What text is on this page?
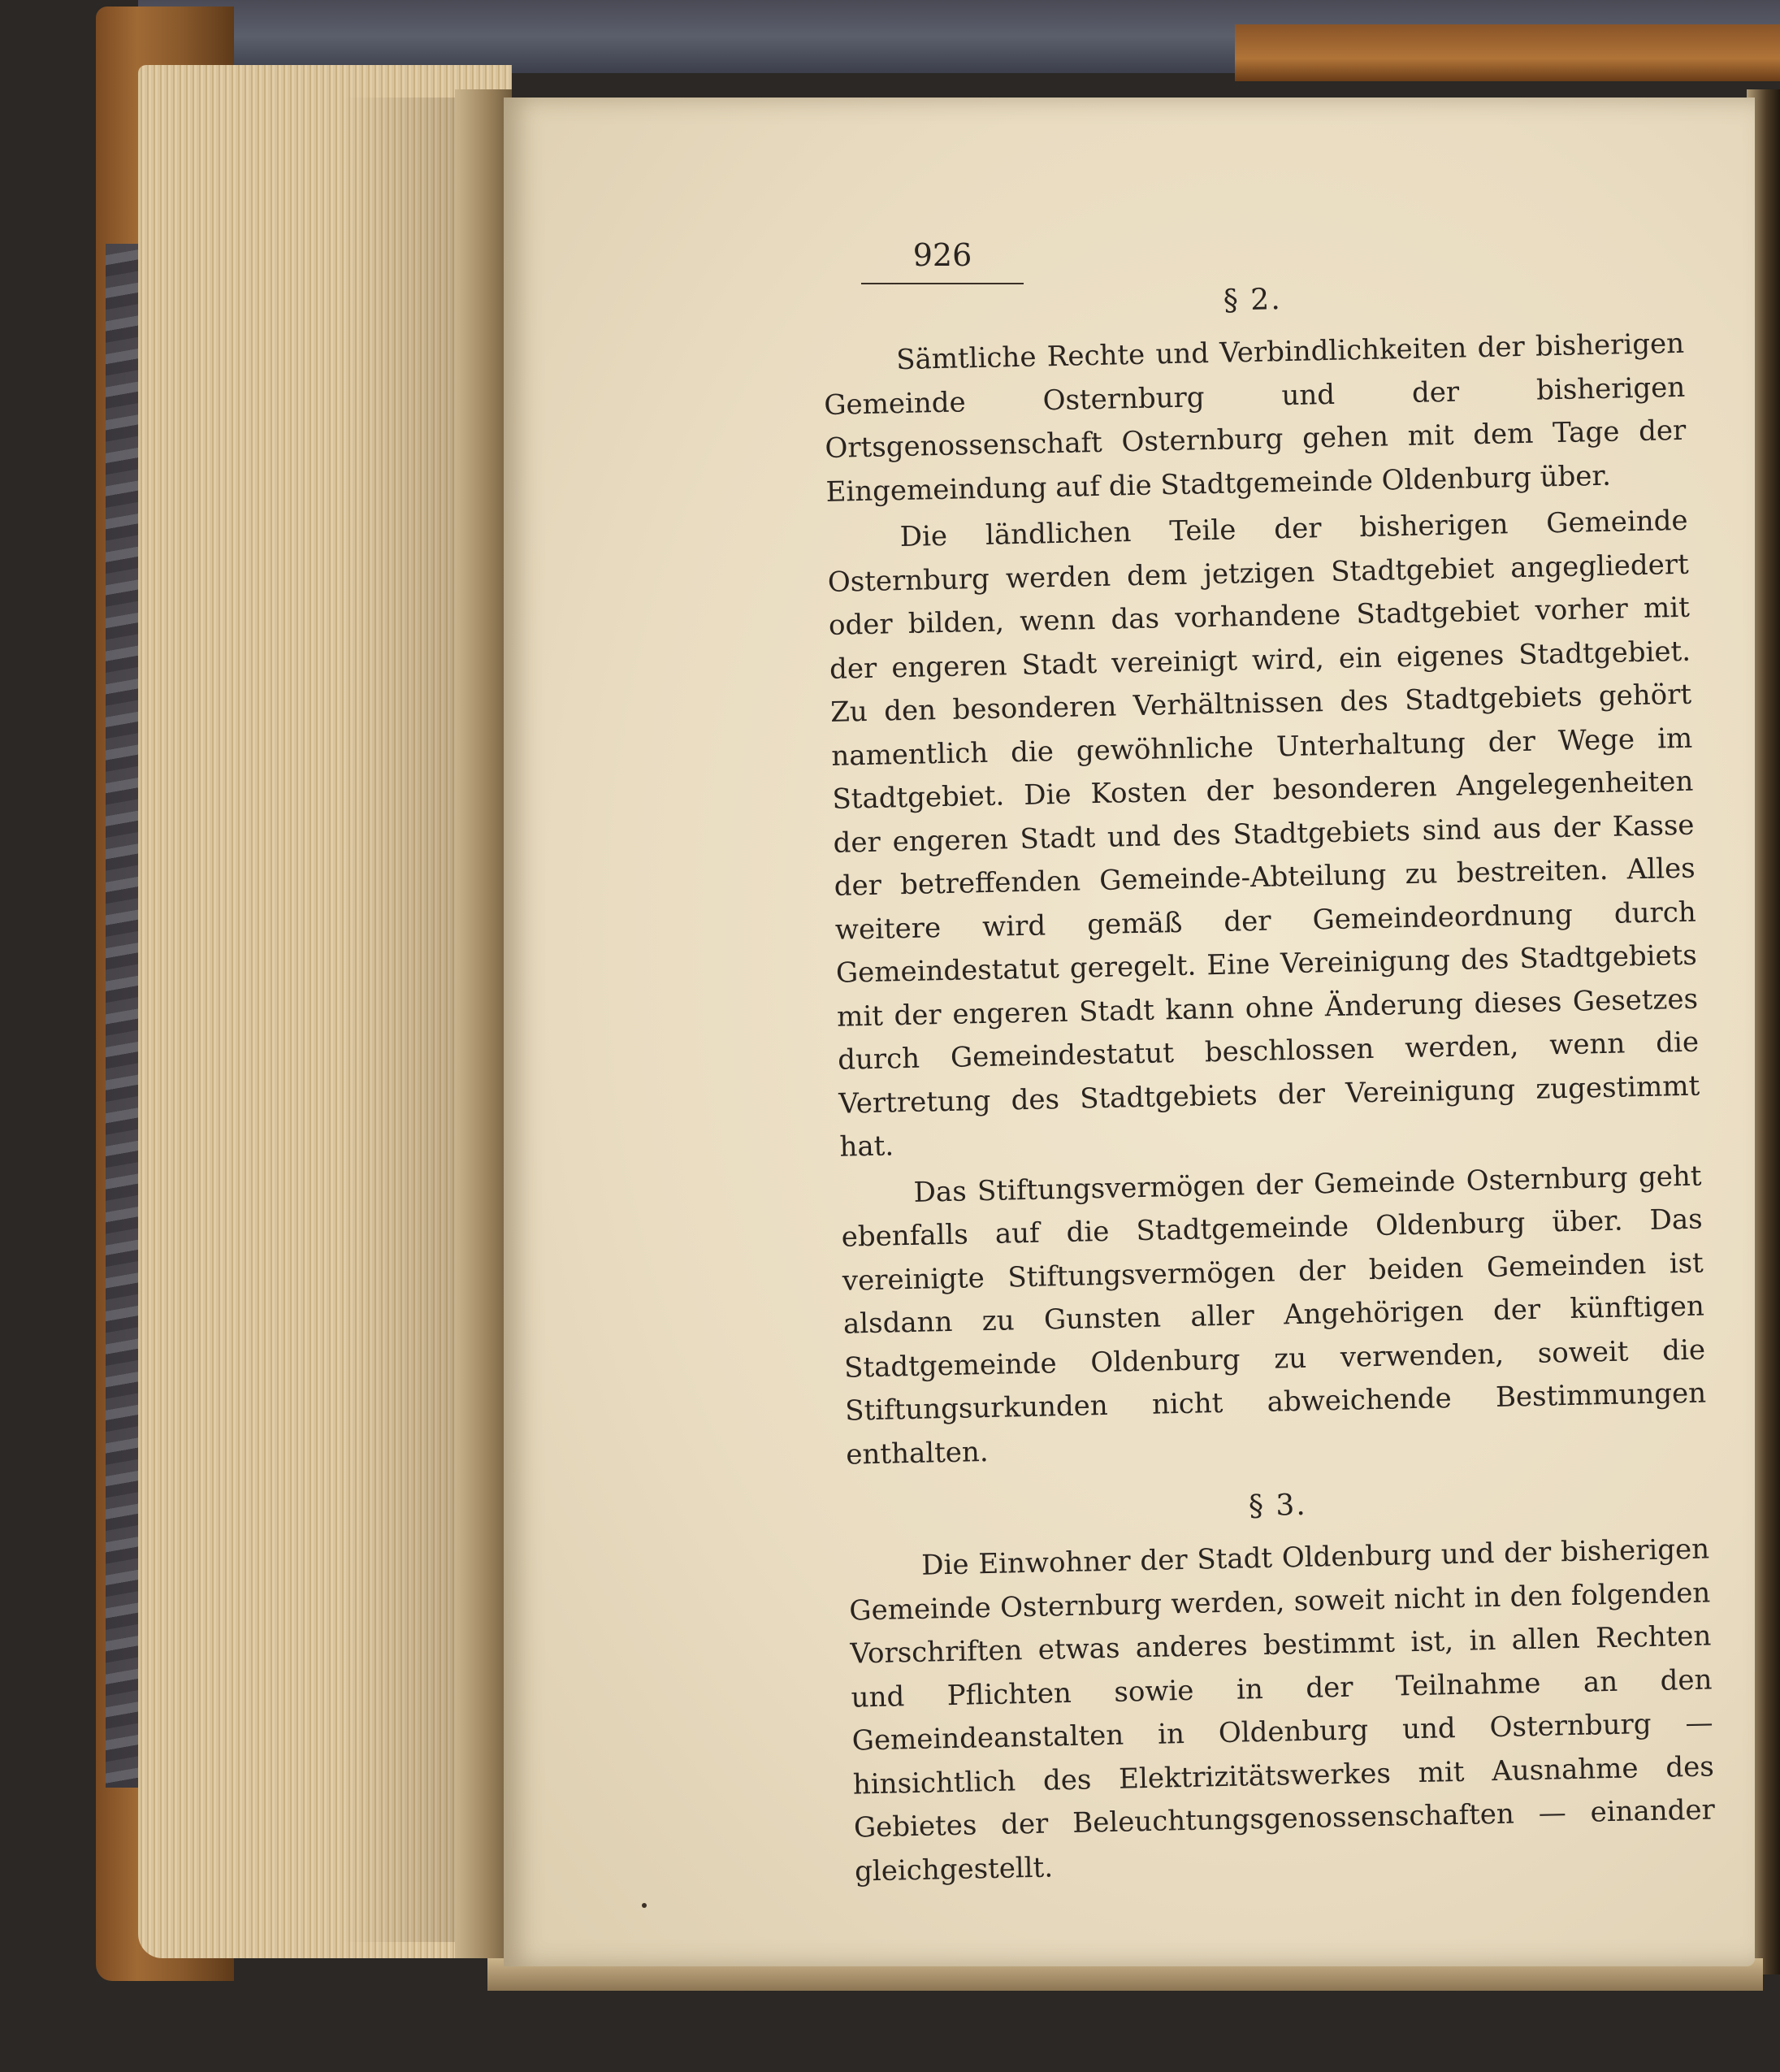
926
§ 2.

Sämtliche Rechte und Verbindlichkeiten der bisherigen Gemeinde Osternburg und der bisherigen Ortsgenossenschaft Osternburg gehen mit dem Tage der Eingemeindung auf die Stadtgemeinde Oldenburg über.

Die ländlichen Teile der bisherigen Gemeinde Osternburg werden dem jetzigen Stadtgebiet angegliedert oder bilden, wenn das vorhandene Stadtgebiet vorher mit der engeren Stadt vereinigt wird, ein eigenes Stadtgebiet. Zu den besonderen Verhältnissen des Stadtgebiets gehört namentlich die gewöhnliche Unterhaltung der Wege im Stadtgebiet. Die Kosten der besonderen Angelegenheiten der engeren Stadt und des Stadtgebiets sind aus der Kasse der betreffenden Gemeinde-Abteilung zu bestreiten. Alles weitere wird gemäß der Gemeindeordnung durch Gemeindestatut geregelt. Eine Vereinigung des Stadtgebiets mit der engeren Stadt kann ohne Änderung dieses Gesetzes durch Gemeindestatut beschlossen werden, wenn die Vertretung des Stadtgebiets der Vereinigung zugestimmt hat.

Das Stiftungsvermögen der Gemeinde Osternburg geht ebenfalls auf die Stadtgemeinde Oldenburg über. Das vereinigte Stiftungsvermögen der beiden Gemeinden ist alsdann zu Gunsten aller Angehörigen der künftigen Stadtgemeinde Oldenburg zu verwenden, soweit die Stiftungsurkunden nicht abweichende Bestimmungen enthalten.

§ 3.

Die Einwohner der Stadt Oldenburg und der bisherigen Gemeinde Osternburg werden, soweit nicht in den folgenden Vorschriften etwas anderes bestimmt ist, in allen Rechten und Pflichten sowie in der Teilnahme an den Gemeindeanstalten in Oldenburg und Osternburg — hinsichtlich des Elektrizitätswerkes mit Ausnahme des Gebietes der Beleuchtungsgenossenschaften — einander gleichgestellt.
